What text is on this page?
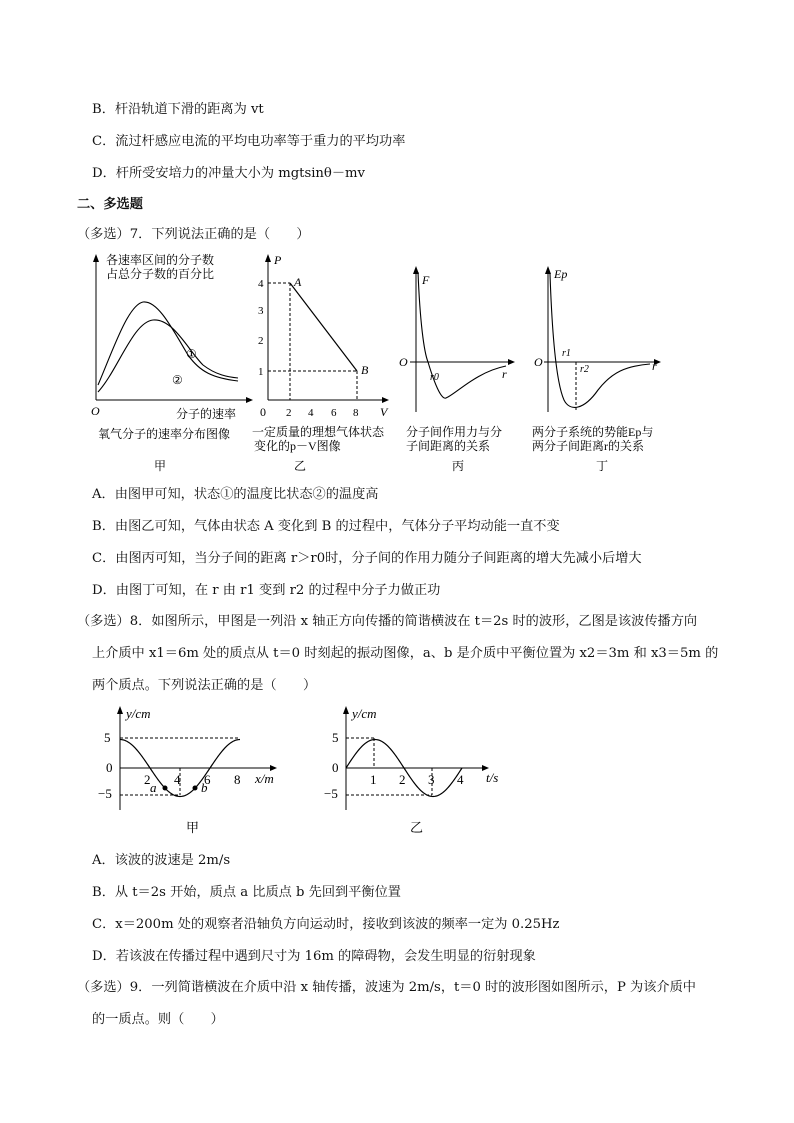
B．杆沿轨道下滑的距离为 vt
C．流过杆感应电流的平均电功率等于重力的平均功率
D．杆所受安培力的冲量大小为 mgtsinθ－mv
二、多选题
（多选）7．下列说法正确的是（　　）
各速率区间的分子数
占总分子数的百分比
①
②
O	分子的速率
氧气分子的速率分布图像
甲
P
V
0
1
2
3
4
2 4 6 8
A
B
一定质量的理想气体状态
变化的p－V图像
乙
F
O
r
r0
分子间作用力与分
子间距离的关系
丙
Ep
O	r
r1
r2
两分子系统的势能Ep与
两分子间距离r的关系
丁
A．由图甲可知，状态①的温度比状态②的温度高
B．由图乙可知，气体由状态 A 变化到 B 的过程中，气体分子平均动能一直不变
C．由图丙可知，当分子间的距离 r＞r0时，分子间的作用力随分子间距离的增大先减小后增大
D．由图丁可知，在 r 由 r1 变到 r2 的过程中分子力做正功
（多选）8．如图所示，甲图是一列沿 x 轴正方向传播的简谐横波在 t＝2s 时的波形，乙图是该波传播方向
上介质中 x1＝6m 处的质点从 t＝0 时刻起的振动图像，a、b 是介质中平衡位置为 x2＝3m 和 x3＝5m 的
两个质点。下列说法正确的是（　　）
y/cm
x/m
5
0
−5
2 4 6 8
a	b
甲
y/cm
t/s
5
0
−5
1 2 3 4
乙
A．该波的波速是 2m/s
B．从 t＝2s 开始，质点 a 比质点 b 先回到平衡位置
C．x＝200m 处的观察者沿轴负方向运动时，接收到该波的频率一定为 0.25Hz
D．若该波在传播过程中遇到尺寸为 16m 的障碍物，会发生明显的衍射现象
（多选）9．一列简谐横波在介质中沿 x 轴传播，波速为 2m/s，t＝0 时的波形图如图所示，P 为该介质中
的一质点。则（　　）
